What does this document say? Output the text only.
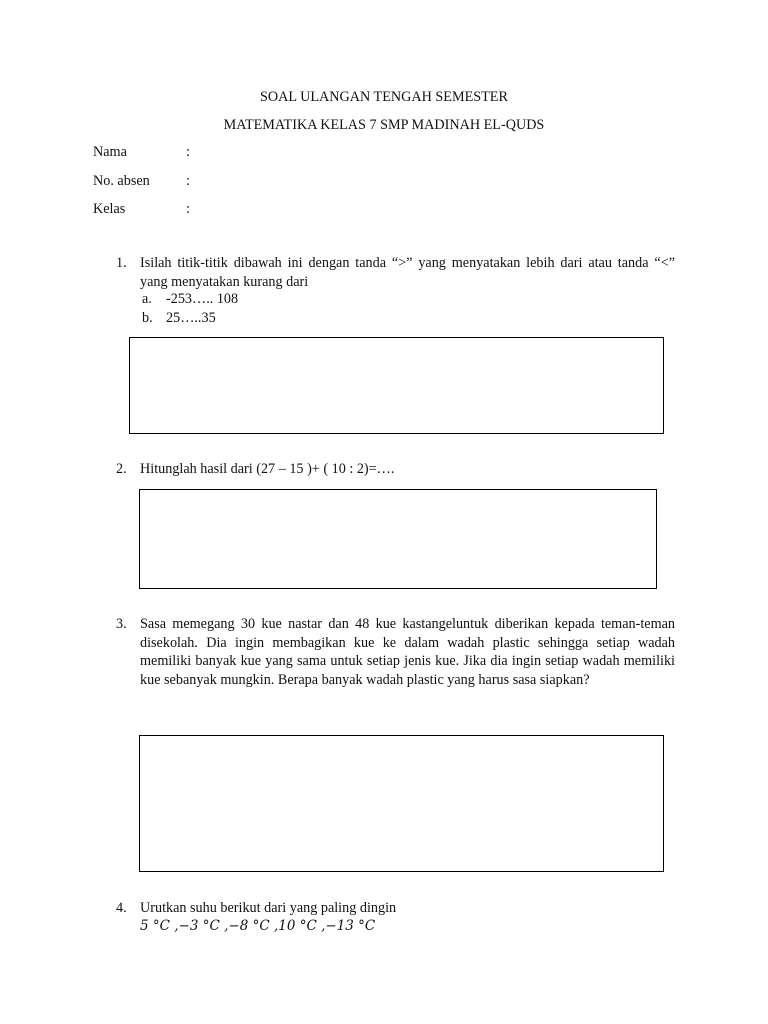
SOAL ULANGAN TENGAH SEMESTER
MATEMATIKA KELAS 7 SMP MADINAH EL-QUDS
Nama	:
No. absen	:
Kelas	:
1. Isilah titik-titik dibawah ini dengan tanda “>” yang menyatakan lebih dari atau tanda “<” yang menyatakan kurang dari
a. -253….. 108
b. 25…..35
2. Hitunglah hasil dari (27 – 15 )+ ( 10 : 2)=….
3. Sasa memegang 30 kue nastar dan 48 kue kastangeluntuk diberikan kepada teman-teman disekolah. Dia ingin membagikan kue ke dalam wadah plastic sehingga setiap wadah memiliki banyak kue yang sama untuk setiap jenis kue. Jika dia ingin setiap wadah memiliki kue sebanyak mungkin. Berapa banyak wadah plastic yang harus sasa siapkan?
4. Urutkan suhu berikut dari yang paling dingin
5 °C ,−3 °C ,−8 °C ,10 °C ,−13 °C
